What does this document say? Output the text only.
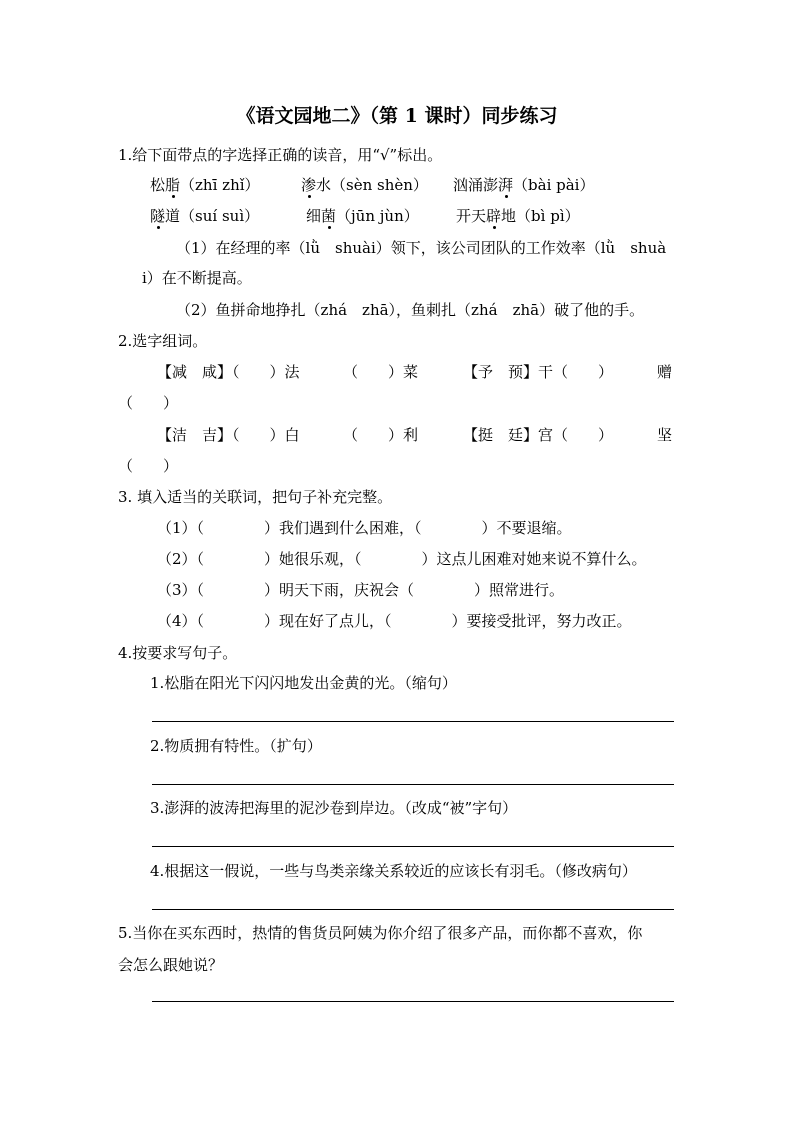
《语文园地二》（第 1 课时）同步练习
1.给下面带点的字选择正确的读音，用“√”标出。
松脂（zhī zhǐ）	渗水（sèn shèn） 汹涌澎湃（bài pài）
隧道（suí suì）	细菌（jūn jùn） 开天辟地（bì pì）
（1）在经理的率（lǜ　shuài）领下，该公司团队的工作效率（lǜ　shuà
i）在不断提高。
（2）鱼拼命地挣扎（zhá　zhā），鱼刺扎（zhá　zhā）破了他的手。
2.选字组词。
【减　咸】（　　）法	（　　）菜	【予　预】干（　　）	赠
（　　）
【洁　吉】（　　）白	（　　）利	【挺　廷】宫（　　）	坚
（　　）
3. 填入适当的关联词，把句子补充完整。
（1）（　　　　）我们遇到什么困难，（　　　　）不要退缩。
（2）（　　　　）她很乐观，（　　　　）这点儿困难对她来说不算什么。
（3）（　　　　）明天下雨，庆祝会（　　　　）照常进行。
（4）（　　　　）现在好了点儿，（　　　　）要接受批评，努力改正。
4.按要求写句子。
1.松脂在阳光下闪闪地发出金黄的光。（缩句）
2.物质拥有特性。（扩句）
3.澎湃的波涛把海里的泥沙卷到岸边。（改成“被”字句）
4.根据这一假说，一些与鸟类亲缘关系较近的应该长有羽毛。（修改病句）
5.当你在买东西时，热情的售货员阿姨为你介绍了很多产品，而你都不喜欢，你
会怎么跟她说？
